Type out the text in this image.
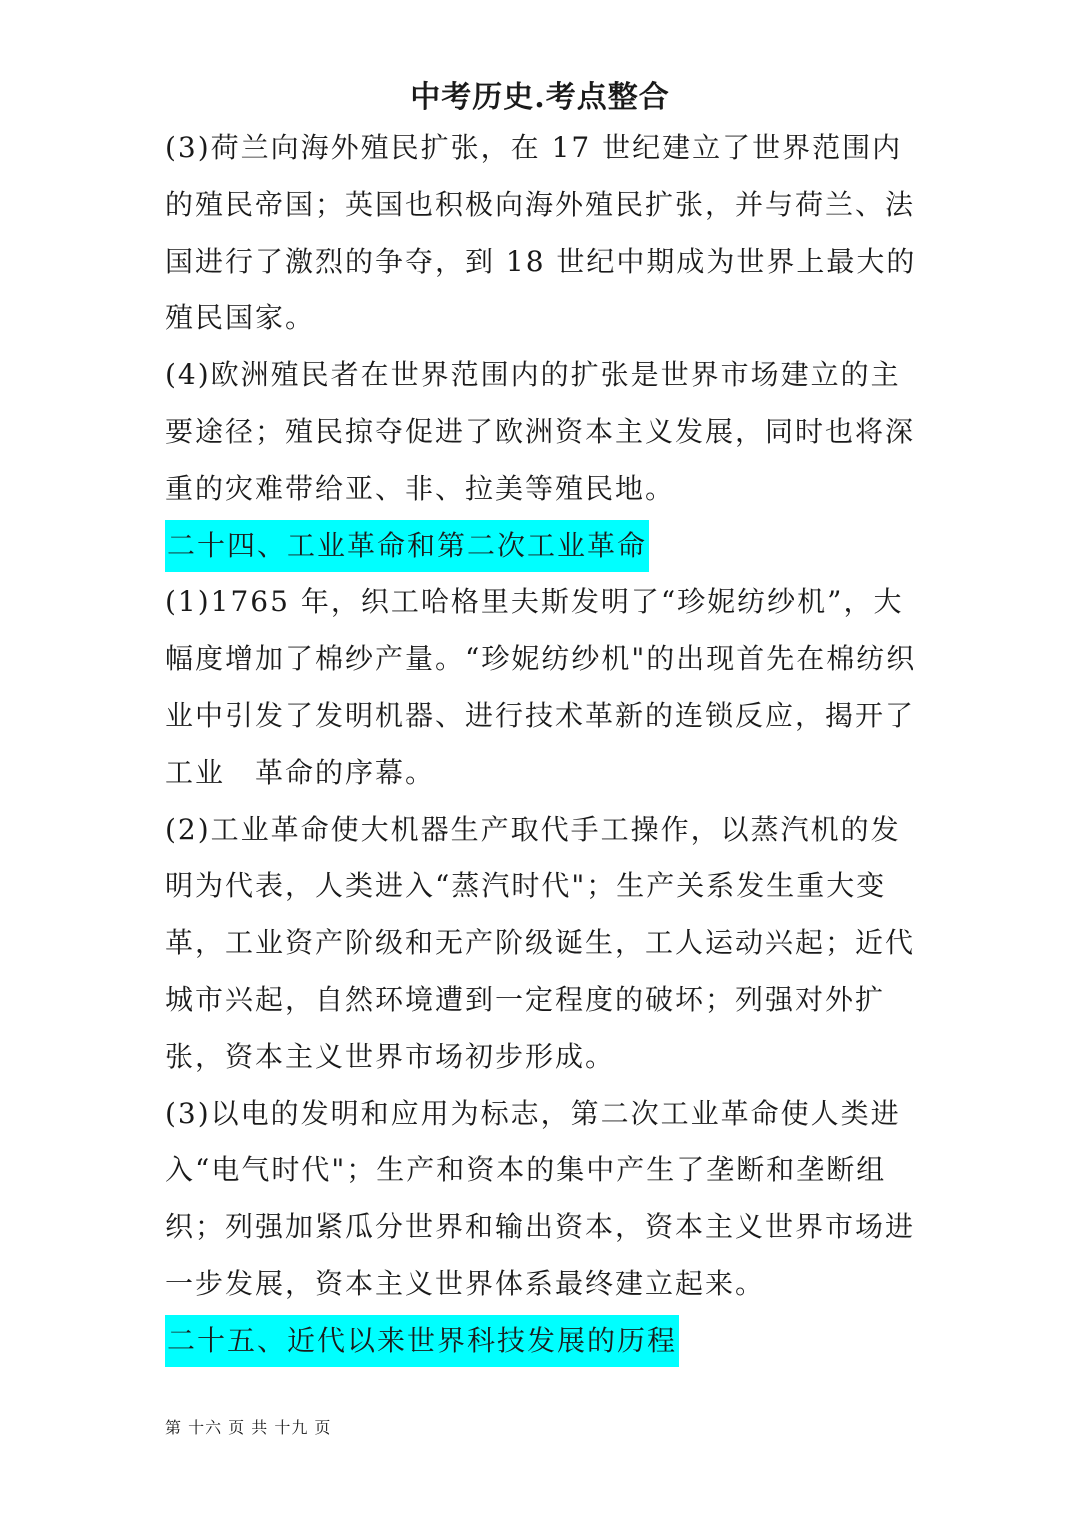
中考历史.考点整合

(3)荷兰向海外殖民扩张，在 17 世纪建立了世界范围内的殖民帝国；英国也积极向海外殖民扩张，并与荷兰、法国进行了激烈的争夺，到 18 世纪中期成为世界上最大的殖民国家。

(4)欧洲殖民者在世界范围内的扩张是世界市场建立的主要途径；殖民掠夺促进了欧洲资本主义发展，同时也将深重的灾难带给亚、非、拉美等殖民地。

二十四、工业革命和第二次工业革命

(1)1765 年，织工哈格里夫斯发明了“珍妮纺纱机”，大幅度增加了棉纱产量。“珍妮纺纱机"的出现首先在棉纺织业中引发了发明机器、进行技术革新的连锁反应，揭开了工业　革命的序幕。

(2)工业革命使大机器生产取代手工操作，以蒸汽机的发明为代表，人类进入“蒸汽时代"；生产关系发生重大变革，工业资产阶级和无产阶级诞生，工人运动兴起；近代城市兴起，自然环境遭到一定程度的破坏；列强对外扩张，资本主义世界市场初步形成。

(3)以电的发明和应用为标志，第二次工业革命使人类进入“电气时代"；生产和资本的集中产生了垄断和垄断组织；列强加紧瓜分世界和输出资本，资本主义世界市场进一步发展，资本主义世界体系最终建立起来。

二十五、近代以来世界科技发展的历程
第 十六 页 共 十九 页
